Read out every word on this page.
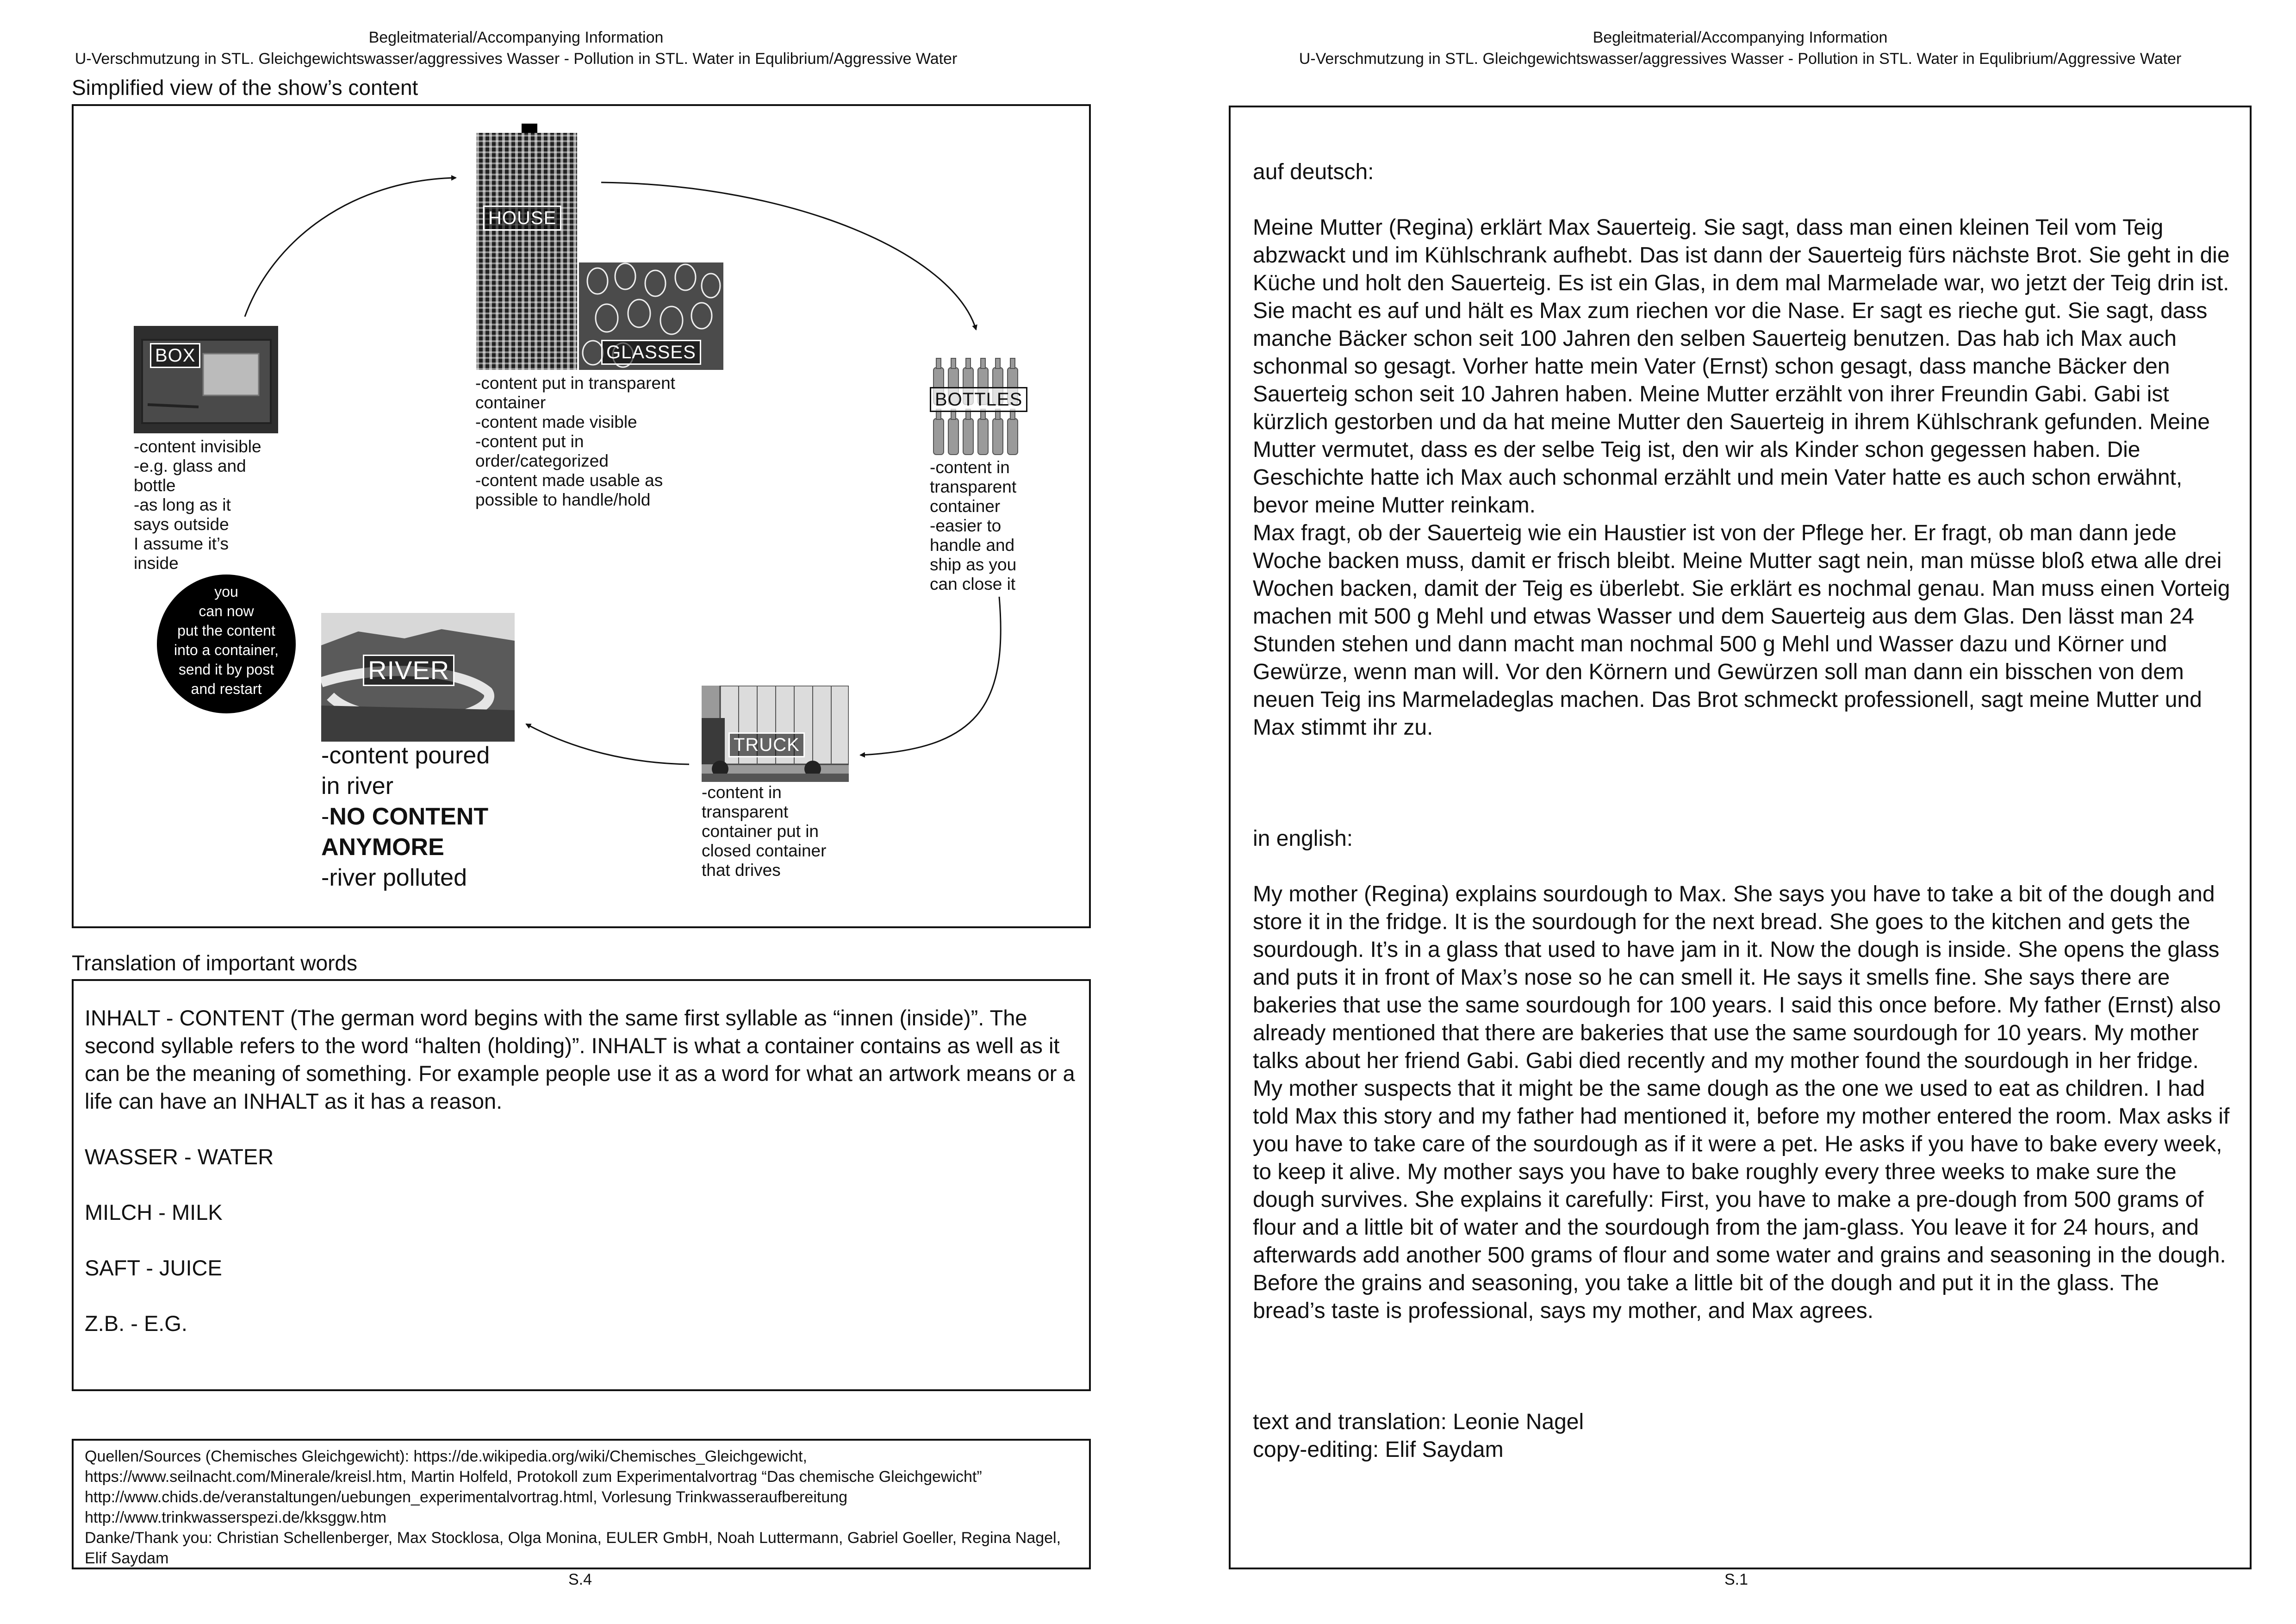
Begleitmaterial/Accompanying Information
U-Verschmutzung in STL. Gleichgewichtswasser/aggressives Wasser - Pollution in STL. Water in Equlibrium/Aggressive Water
Simplified view of the show’s content
BOX
-content invisible
-e.g. glass and
bottle
-as long as it
says outside
I assume it’s
inside
HOUSE
GLASSES
-content put in transparent
container
-content made visible
-content put in
order/categorized
-content made usable as
possible to handle/hold
BOTTLES
-content in
transparent
container
-easier to
handle and
ship as you
can close it
you
can now
put the content
into a container,
send it by post
and restart
RIVER
-content poured
in river
-NO CONTENT
ANYMORE
-river polluted
TRUCK
-content in
transparent
container put in
closed container
that drives
Translation of important words

INHALT - CONTENT (The german word begins with the same first syllable as “innen (inside)”. The second syllable refers to the word “halten (holding)”. INHALT is what a container contains as well as it can be the meaning of something. For example people use it as a word for what an artwork means or a life can have an INHALT as it has a reason.

WASSER - WATER

MILCH - MILK

SAFT - JUICE

Z.B. - E.G.

Quellen/Sources (Chemisches Gleichgewicht): https://de.wikipedia.org/wiki/Chemisches_Gleichgewicht, https://www.seilnacht.com/Minerale/kreisl.htm, Martin Holfeld, Protokoll zum Experimentalvortrag “Das chemische Gleichgewicht” http://www.chids.de/veranstaltungen/uebungen_experimentalvortrag.html, Vorlesung Trinkwasseraufbereitung http://www.trinkwasserspezi.de/kksggw.htm
Danke/Thank you: Christian Schellenberger, Max Stocklosa, Olga Monina, EULER GmbH, Noah Luttermann, Gabriel Goeller, Regina Nagel, Elif Saydam
S.4
Begleitmaterial/Accompanying Information
U-Verschmutzung in STL. Gleichgewichtswasser/aggressives Wasser - Pollution in STL. Water in Equlibrium/Aggressive Water

auf deutsch:

Meine Mutter (Regina) erklärt Max Sauerteig. Sie sagt, dass man einen kleinen Teil vom Teig abzwackt und im Kühlschrank aufhebt. Das ist dann der Sauerteig fürs nächste Brot. Sie geht in die Küche und holt den Sauerteig. Es ist ein Glas, in dem mal Marmelade war, wo jetzt der Teig drin ist. Sie macht es auf und hält es Max zum riechen vor die Nase. Er sagt es rieche gut. Sie sagt, dass manche Bäcker schon seit 100 Jahren den selben Sauerteig benutzen. Das hab ich Max auch schonmal so gesagt. Vorher hatte mein Vater (Ernst) schon gesagt, dass manche Bäcker den Sauerteig schon seit 10 Jahren haben. Meine Mutter erzählt von ihrer Freundin Gabi. Gabi ist kürzlich gestorben und da hat meine Mutter den Sauerteig in ihrem Kühlschrank gefunden. Meine Mutter vermutet, dass es der selbe Teig ist, den wir als Kinder schon gegessen haben. Die Geschichte hatte ich Max auch schonmal erzählt und mein Vater hatte es auch schon erwähnt, bevor meine Mutter reinkam.

Max fragt, ob der Sauerteig wie ein Haustier ist von der Pflege her. Er fragt, ob man dann jede Woche backen muss, damit er frisch bleibt. Meine Mutter sagt nein, man müsse bloß etwa alle drei Wochen backen, damit der Teig es überlebt. Sie erklärt es nochmal genau. Man muss einen Vorteig machen mit 500 g Mehl und etwas Wasser und dem Sauerteig aus dem Glas. Den lässt man 24 Stunden stehen und dann macht man nochmal 500 g Mehl und Wasser dazu und Körner und Gewürze, wenn man will. Vor den Körnern und Gewürzen soll man dann ein bisschen von dem neuen Teig ins Marmeladeglas machen. Das Brot schmeckt professionell, sagt meine Mutter und Max stimmt ihr zu.

in english:

My mother (Regina) explains sourdough to Max. She says you have to take a bit of the dough and store it in the fridge. It is the sourdough for the next bread. She goes to the kitchen and gets the sourdough. It’s in a glass that used to have jam in it. Now the dough is inside. She opens the glass and puts it in front of Max’s nose so he can smell it. He says it smells fine. She says there are bakeries that use the same sourdough for 100 years. I said this once before. My father (Ernst) also already mentioned that there are bakeries that use the same sourdough for 10 years. My mother talks about her friend Gabi. Gabi died recently and my mother found the sourdough in her fridge. My mother suspects that it might be the same dough as the one we used to eat as children. I had told Max this story and my father had mentioned it, before my mother entered the room. Max asks if you have to take care of the sourdough as if it were a pet. He asks if you have to bake every week, to keep it alive. My mother says you have to bake roughly every three weeks to make sure the dough survives. She explains it carefully: First, you have to make a pre-dough from 500 grams of flour and a little bit of water and the sourdough from the jam-glass. You leave it for 24 hours, and afterwards add another 500 grams of flour and some water and grains and seasoning in the dough. Before the grains and seasoning, you take a little bit of the dough and put it in the glass. The bread’s taste is professional, says my mother, and Max agrees.

text and translation: Leonie Nagel

copy-editing: Elif Saydam

S.1
